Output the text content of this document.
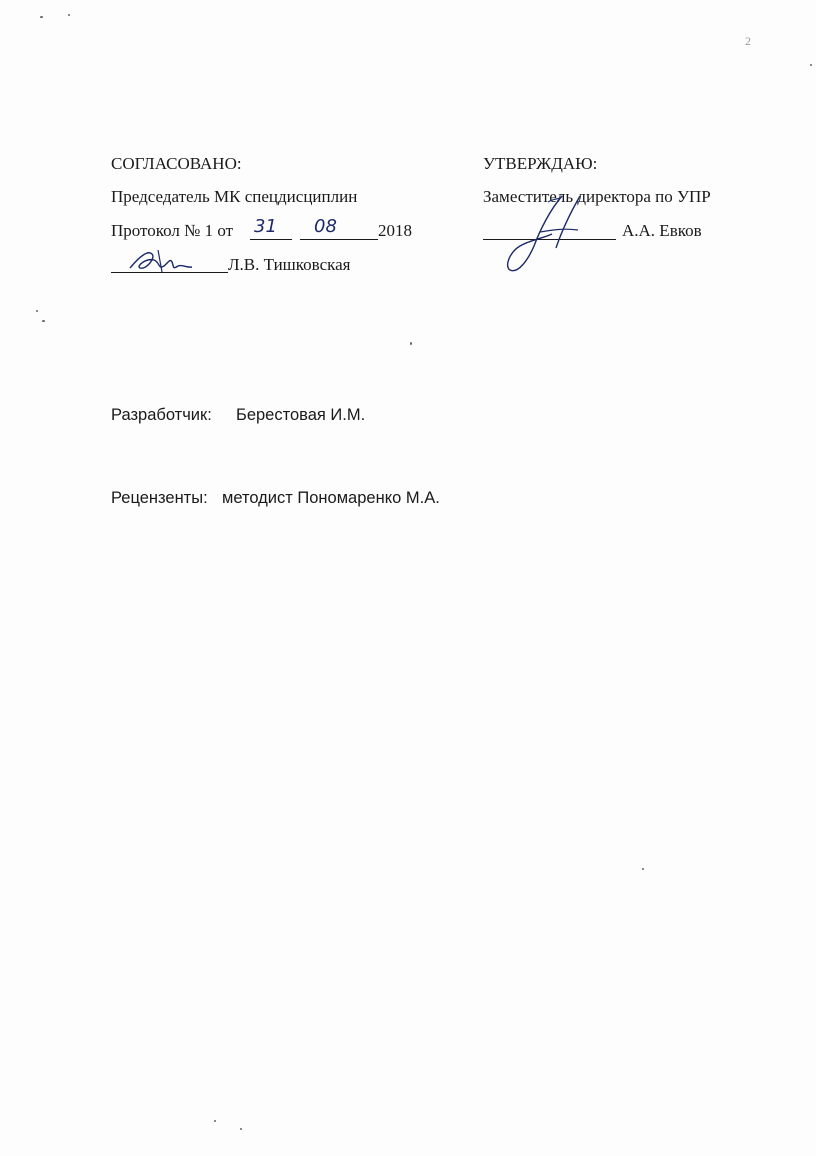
2
СОГЛАСОВАНО:
Председатель МК спецдисциплин
Протокол № 1 от 31 08 2018
Л.В. Тишковская
УТВЕРЖДАЮ:
Заместитель директора по УПР
А.А. Евков
Разработчик: Берестовая И.М.
Рецензенты: методист Пономаренко М.А.
